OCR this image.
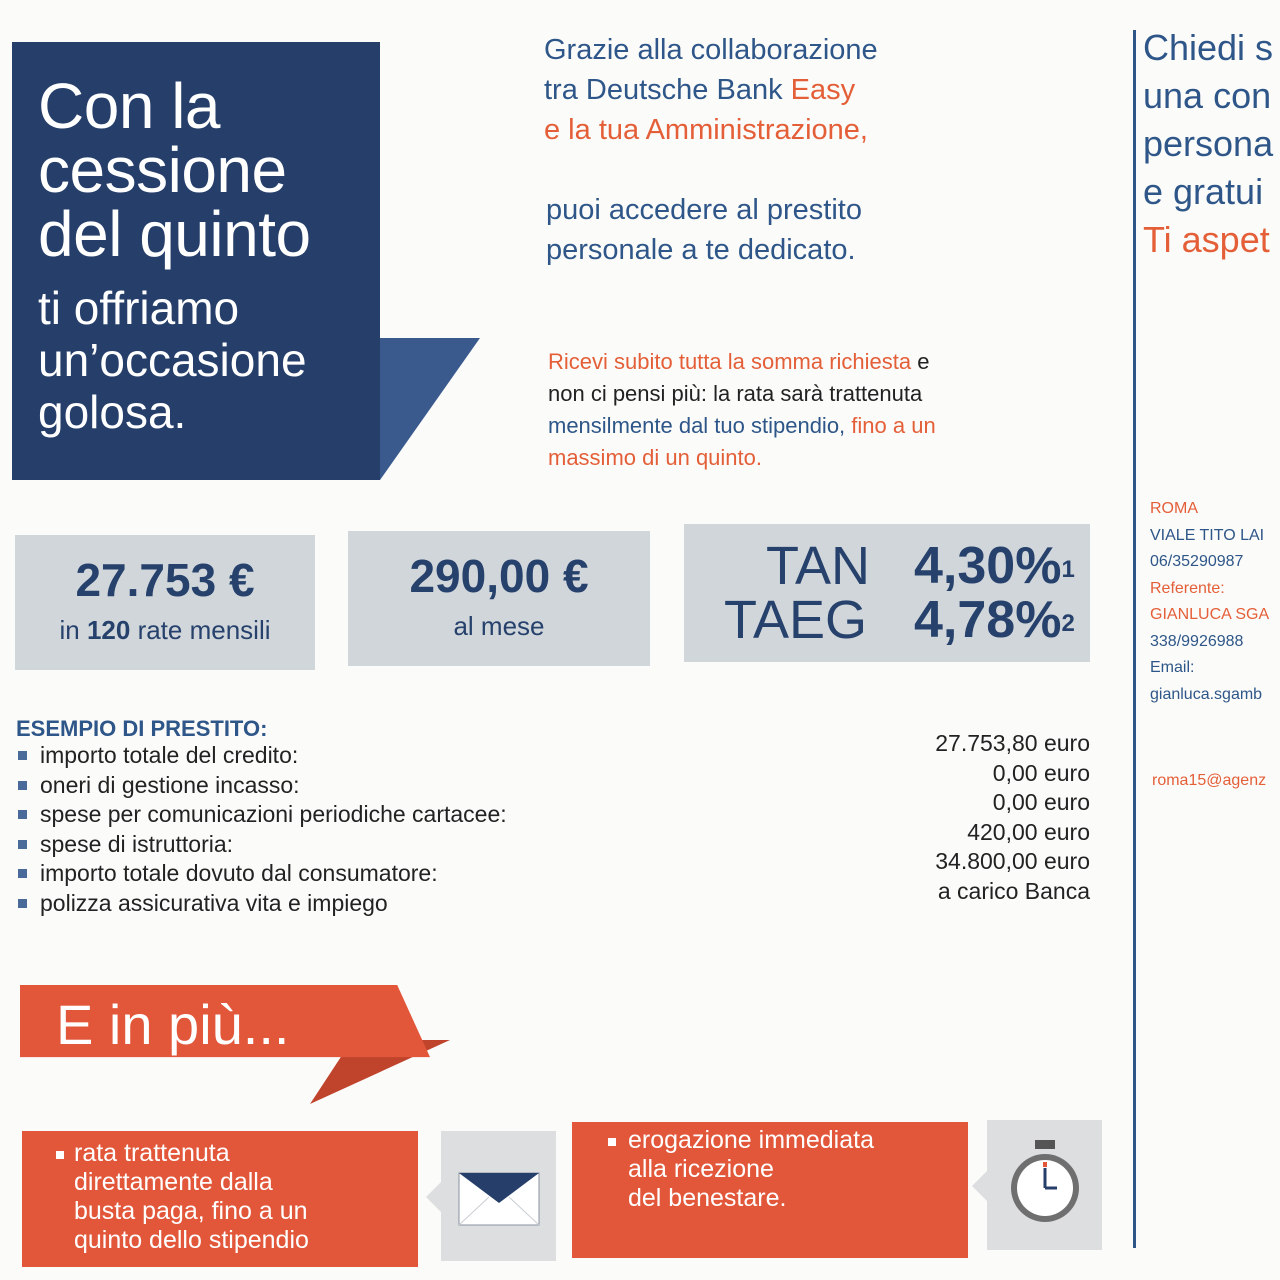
Con la
cessione
del quinto
ti offriamo
un’occasione
golosa.
Grazie alla collaborazione
tra Deutsche Bank Easy
e la tua Amministrazione,
puoi accedere al prestito
personale a te dedicato.
Ricevi subito tutta la somma richiesta e
non ci pensi più: la rata sarà trattenuta
mensilmente dal tuo stipendio, fino a un
massimo di un quinto.
27.753 €
in 120 rate mensili
290,00 €
al mese
TAN 4,30%$^1$
TAEG 4,78%$^2$
ESEMPIO DI PRESTITO:
importo totale del credito:	27.753,80 euro
oneri di gestione incasso:	0,00 euro
spese per comunicazioni periodiche cartacee:	0,00 euro
spese di istruttoria:	420,00 euro
importo totale dovuto dal consumatore:	34.800,00 euro
polizza assicurativa vita e impiego	a carico Banca
E in più...
rata trattenuta
direttamente dalla
busta paga, fino a un
quinto dello stipendio
erogazione immediata
alla ricezione
del benestare.
Chiedi s
una con
persona
e gratui
Ti aspet
ROMA
VIALE TITO LAI
06/35290987
Referente:
GIANLUCA SGA
338/9926988
Email:
gianluca.sgamb
roma15@agenz
